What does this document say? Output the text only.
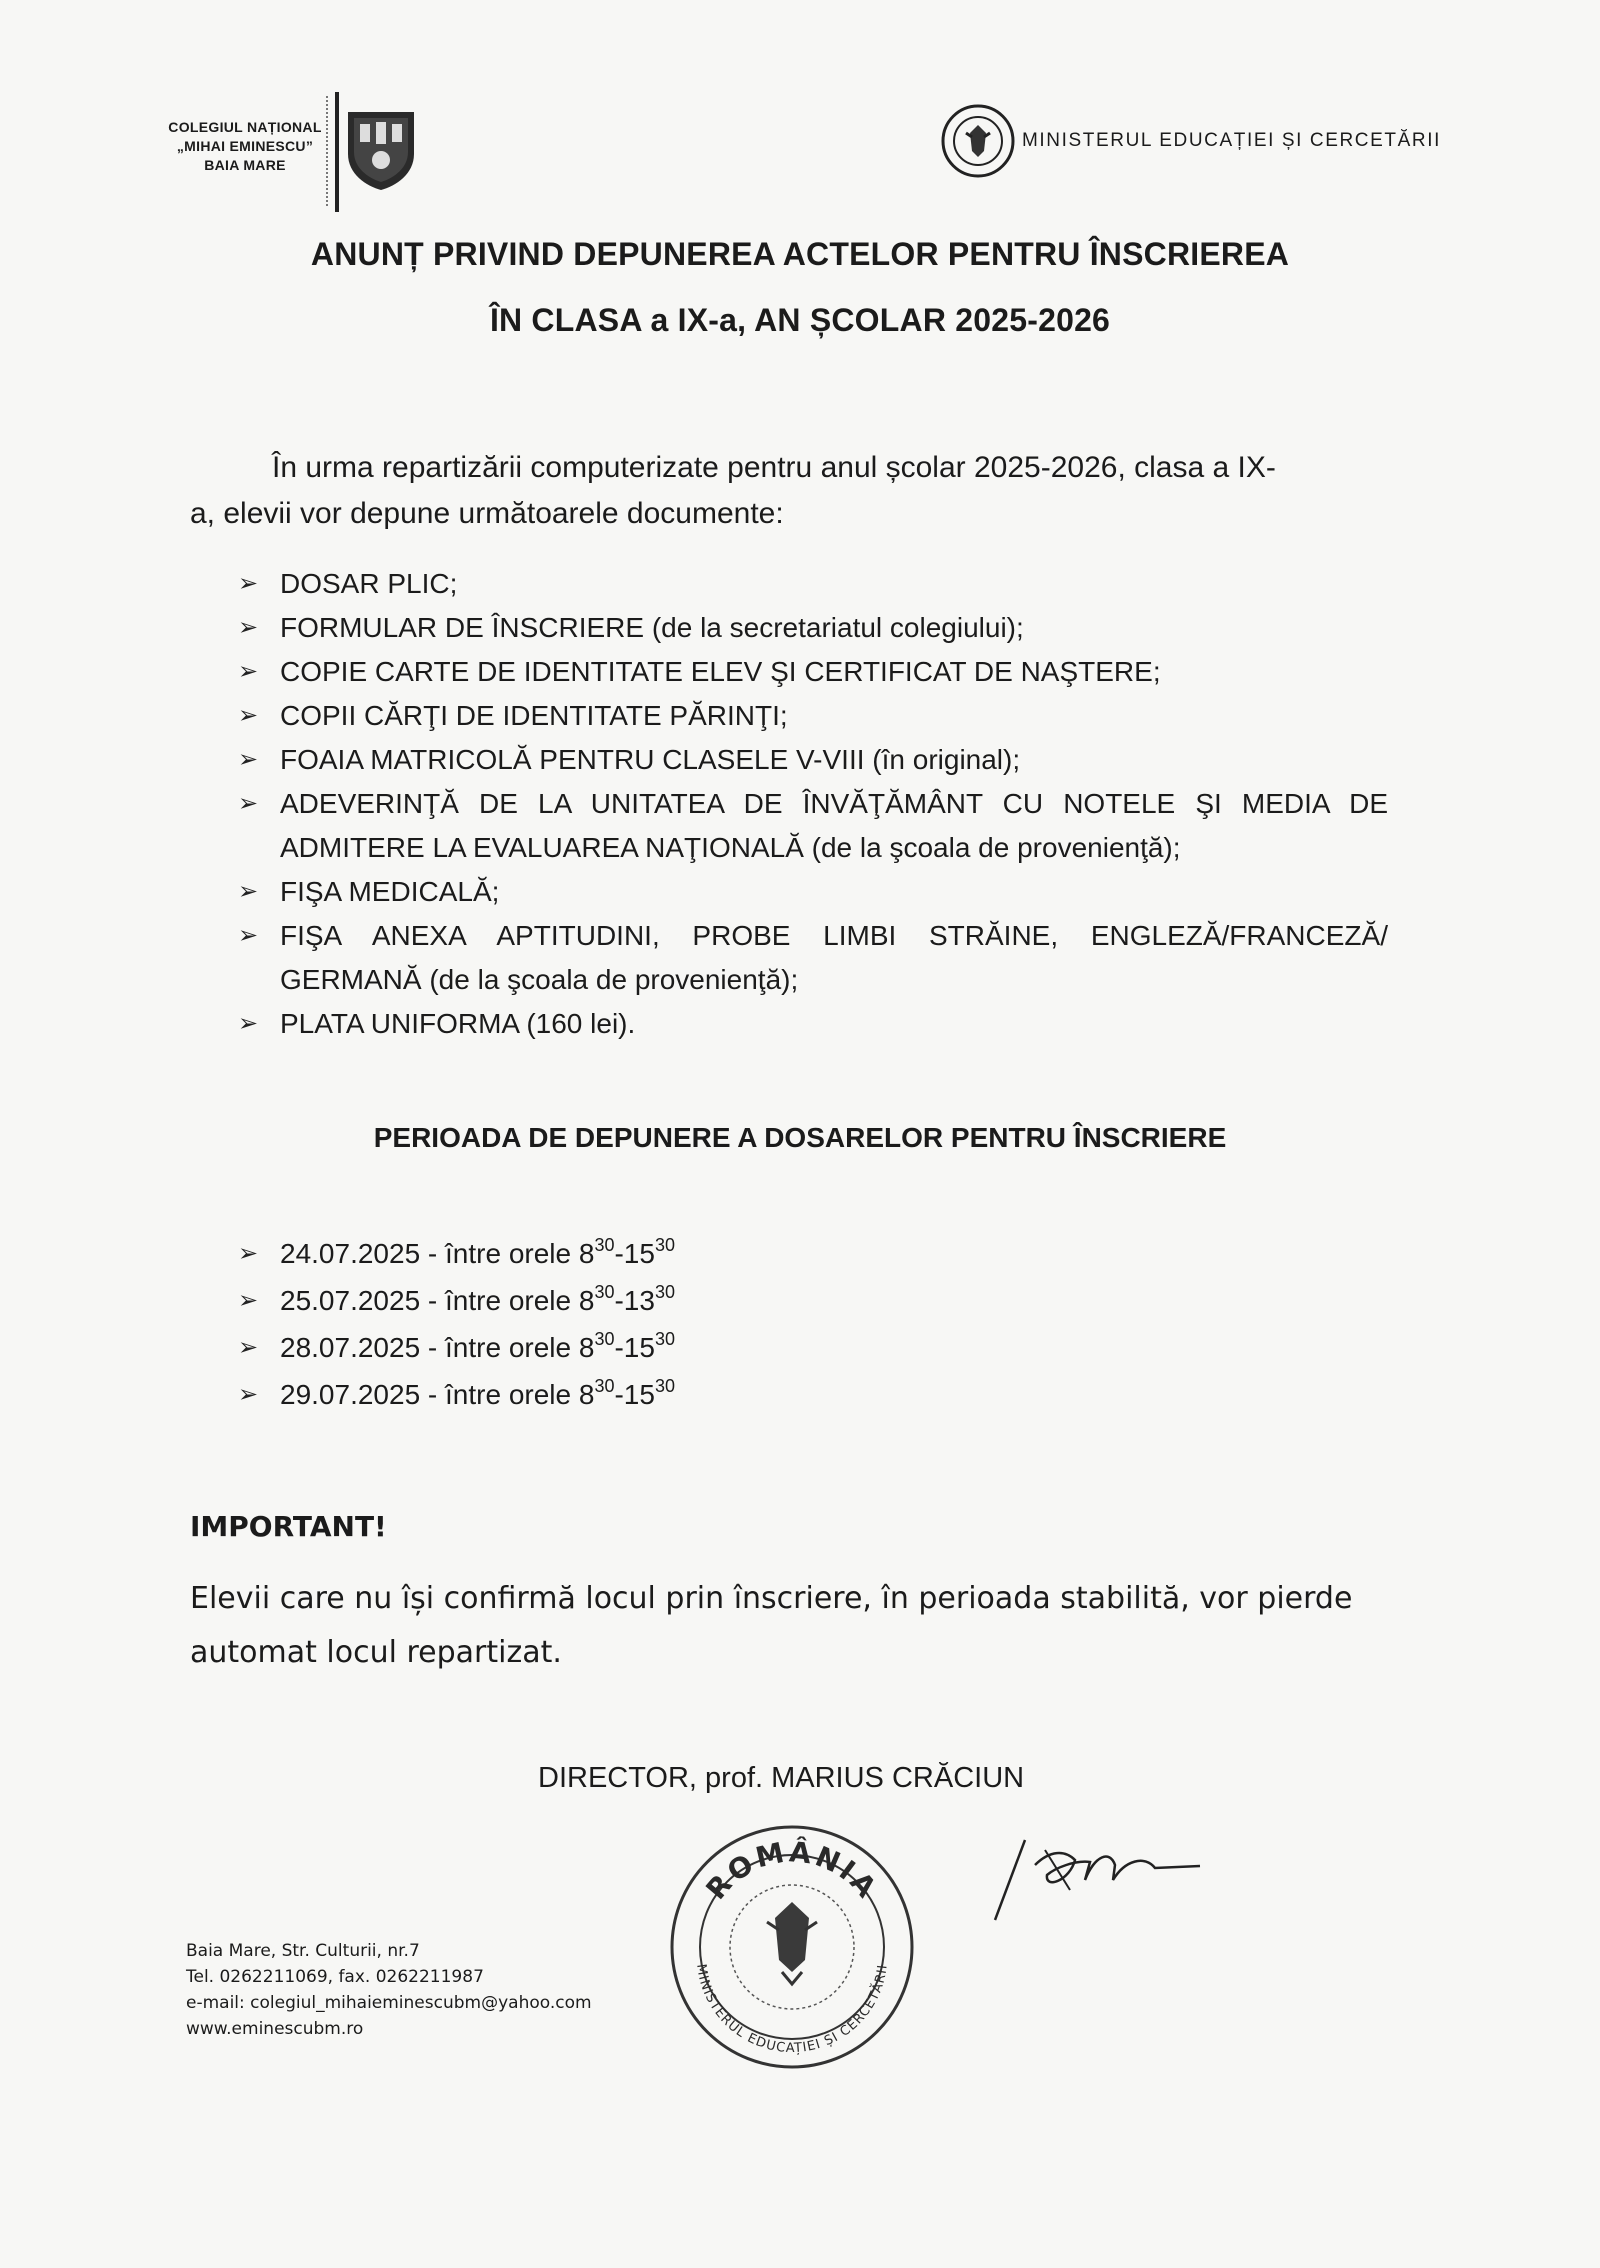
COLEGIUL NAȚIONAL
„MIHAI EMINESCU”
BAIA MARE
MINISTERUL EDUCAȚIEI ȘI CERCETĂRII
ANUNȚ PRIVIND DEPUNEREA ACTELOR PENTRU ÎNSCRIEREA
ÎN CLASA a IX-a, AN ȘCOLAR 2025-2026
În urma repartizării computerizate pentru anul școlar 2025-2026, clasa a IX-
a, elevii vor depune următoarele documente:
➢ DOSAR PLIC;
➢ FORMULAR DE ÎNSCRIERE (de la secretariatul colegiului);
➢ COPIE CARTE DE IDENTITATE ELEV ŞI CERTIFICAT DE NAŞTERE;
➢ COPII CĂRŢI DE IDENTITATE PĂRINŢI;
➢ FOAIA MATRICOLĂ PENTRU CLASELE V-VIII (în original);
➢ ADEVERINŢĂ DE LA UNITATEA DE ÎNVĂŢĂMÂNT CU NOTELE ŞI MEDIA DE
ADMITERE LA EVALUAREA NAŢIONALĂ (de la şcoala de provenienţă);
➢ FIŞA MEDICALĂ;
➢ FIŞA ANEXA APTITUDINI, PROBE LIMBI STRĂINE, ENGLEZĂ/FRANCEZĂ/
GERMANĂ (de la şcoala de provenienţă);
➢ PLATA UNIFORMA (160 lei).
PERIOADA DE DEPUNERE A DOSARELOR PENTRU ÎNSCRIERE
➢ 24.07.2025 - între orele $8^{30}-15^{30}$
➢ 25.07.2025 - între orele $8^{30}-13^{30}$
➢ 28.07.2025 - între orele $8^{30}-15^{30}$
➢ 29.07.2025 - între orele $8^{30}-15^{30}$
IMPORTANT!
Elevii care nu își confirmă locul prin înscriere, în perioada stabilită, vor pierde automat locul repartizat.
DIRECTOR, prof. MARIUS CRĂCIUN
ROMÂNIA
MINISTERUL EDUCAȚIEI ȘI CERCETĂRII
Baia Mare, Str. Culturii, nr.7
Tel. 0262211069, fax. 0262211987
e-mail: colegiul_mihaieminescubm@yahoo.com
www.eminescubm.ro
